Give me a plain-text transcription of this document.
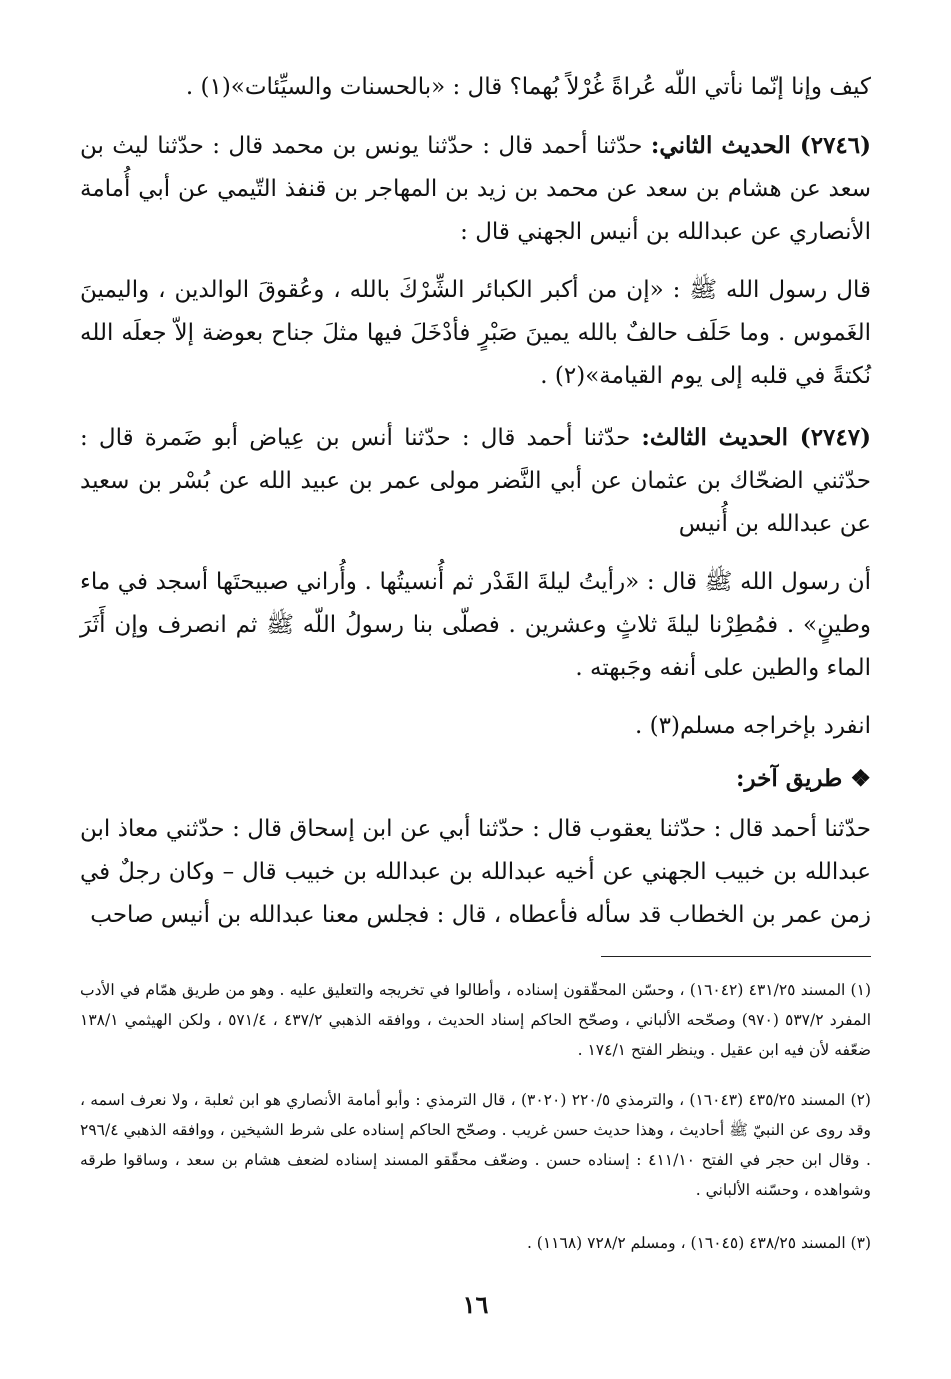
كيف وإنا إنّما نأتي اللّه عُراةً غُرْلاً بُهما؟ قال : «بالحسنات والسيِّئات»(١) .

(٢٧٤٦) الحديث الثاني: حدّثنا أحمد قال : حدّثنا يونس بن محمد قال : حدّثنا ليث بن سعد عن هشام بن سعد عن محمد بن زيد بن المهاجر بن قنفذ التّيمي عن أبي أُمامة الأنصاري عن عبدالله بن أنيس الجهني قال :

قال رسول الله ﷺ : «إن من أكبر الكبائر الشِّرْكَ بالله ، وعُقوقَ الوالدين ، واليمينَ الغَموس . وما حَلَف حالفٌ بالله يمينَ صَبْرٍ فأدْخَلَ فيها مثلَ جناح بعوضة إلاّ جعلَه الله نُكتةً في قلبه إلى يوم القيامة»(٢) .

(٢٧٤٧) الحديث الثالث: حدّثنا أحمد قال : حدّثنا أنس بن عِياض أبو ضَمرة قال : حدّثني الضحّاك بن عثمان عن أبي النَّضر مولى عمر بن عبيد الله عن بُسْر بن سعيد عن عبدالله بن أُنيس

أن رسول الله ﷺ قال : «رأيتُ ليلةَ القَدْر ثم أُنسيتُها . وأُراني صبيحتَها أسجد في ماء وطينٍ» . فمُطِرْنا ليلةَ ثلاثٍ وعشرين . فصلّى بنا رسولُ اللّه ﷺ ثم انصرف وإن أَثَرَ الماء والطين على أنفه وجَبهته .

انفرد بإخراجه مسلم(٣) .

❖ طريق آخر:

حدّثنا أحمد قال : حدّثنا يعقوب قال : حدّثنا أبي عن ابن إسحاق قال : حدّثني معاذ ابن عبدالله بن خبيب الجهني عن أخيه عبدالله بن عبدالله بن خبيب قال – وكان رجلٌ في زمن عمر بن الخطاب قد سأله فأعطاه ، قال : فجلس معنا عبدالله بن أنيس صاحب

(١) المسند ٤٣١/٢٥ (١٦٠٤٢) ، وحسّن المحقّقون إسناده ، وأطالوا في تخريجه والتعليق عليه . وهو من طريق همّام في الأدب المفرد ٥٣٧/٢ (٩٧٠) وصحّحه الألباني ، وصحّح الحاكم إسناد الحديث ، ووافقه الذهبي ٤٣٧/٢ ، ٥٧١/٤ ، ولكن الهيثمي ١٣٨/١ ضعّفه لأن فيه ابن عقيل . وينظر الفتح ١٧٤/١ .

(٢) المسند ٤٣٥/٢٥ (١٦٠٤٣) ، والترمذي ٢٢٠/٥ (٣٠٢٠) ، قال الترمذي : وأبو أمامة الأنصاري هو ابن ثعلبة ، ولا نعرف اسمه ، وقد روى عن النبيّ ﷺ أحاديث ، وهذا حديث حسن غريب . وصحّح الحاكم إسناده على شرط الشيخين ، ووافقه الذهبي ٢٩٦/٤ . وقال ابن حجر في الفتح ٤١١/١٠ : إسناده حسن . وضعّف محقّقو المسند إسناده لضعف هشام بن سعد ، وساقوا طرقه وشواهده ، وحسّنه الألباني .

(٣) المسند ٤٣٨/٢٥ (١٦٠٤٥) ، ومسلم ٧٢٨/٢ (١١٦٨) .

١٦
